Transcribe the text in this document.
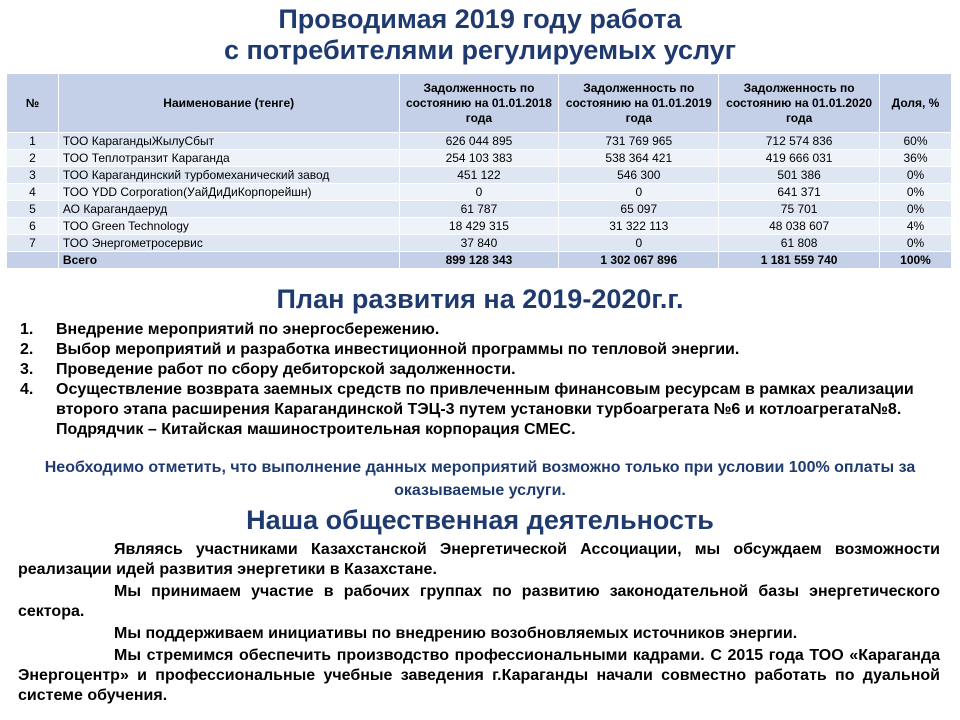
Проводимая 2019 году работа
с потребителями регулируемых услуг
№	Наименование (тенге)	Задолженность по состоянию на 01.01.2018 года	Задолженность по состоянию на 01.01.2019 года	Задолженность по состоянию на 01.01.2020 года	Доля, %
1	ТОО КарагандыЖылуСбыт	626 044 895	731 769 965	712 574 836	60%
2	ТОО Теплотранзит Караганда	254 103 383	538 364 421	419 666 031	36%
3	ТОО Карагандинский турбомеханический завод	451 122	546 300	501 386	0%
4	ТОО YDD Corporation(УайДиДиКорпорейшн)	0	0	641 371	0%
5	АО Карагандаеруд	61 787	65 097	75 701	0%
6	ТОО Green Technology	18 429 315	31 322 113	48 038 607	4%
7	ТОО Энергометросервис	37 840	0	61 808	0%
	Всего	899 128 343	1 302 067 896	1 181 559 740	100%
План развития на 2019-2020г.г.
1. Внедрение мероприятий по энергосбережению.
2. Выбор мероприятий и разработка инвестиционной программы по тепловой энергии.
3. Проведение работ по сбору дебиторской задолженности.
4. Осуществление возврата заемных средств по привлеченным финансовым ресурсам в рамках реализации второго этапа расширения Карагандинской ТЭЦ-3 путем установки турбоагрегата №6 и котлоагрегата№8. Подрядчик – Китайская машиностроительная корпорация CMEC.
Необходимо отметить, что выполнение данных мероприятий возможно только при условии 100% оплаты за оказываемые услуги.
Наша общественная деятельность

Являясь участниками Казахстанской Энергетической Ассоциации, мы обсуждаем возможности реализации идей развития энергетики в Казахстане.

Мы принимаем участие в рабочих группах по развитию законодательной базы энергетического сектора.

Мы поддерживаем инициативы по внедрению возобновляемых источников энергии.

Мы стремимся обеспечить производство профессиональными кадрами. С 2015 года ТОО «Караганда Энергоцентр» и профессиональные учебные заведения г.Караганды начали совместно работать по дуальной системе обучения.
